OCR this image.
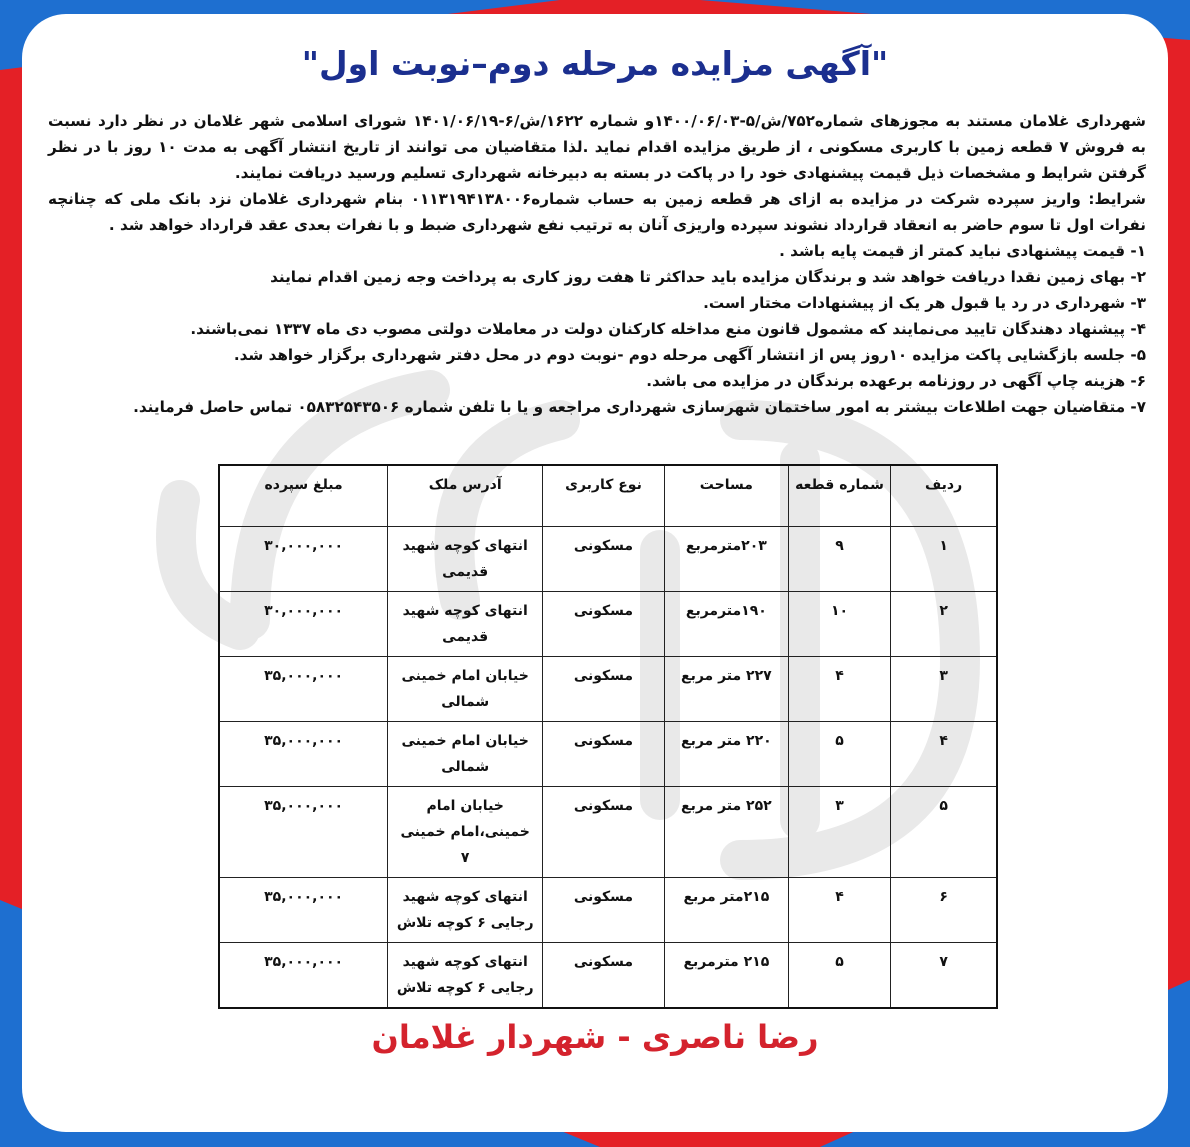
"آگهی مزایده مرحله دوم–نوبت اول"

شهرداری غلامان مستند به مجوزهای شماره۷۵۲/ش/۵-۱۴۰۰/۰۶/۰۳و شماره ۱۶۲۲/ش/۶-۱۴۰۱/۰۶/۱۹ شورای اسلامی شهر غلامان در نظر دارد نسبت به فروش ۷ قطعه زمین با کاربری مسکونی ، از طریق مزایده اقدام نماید .لذا متقاضیان می توانند از تاریخ انتشار آگهی به مدت ۱۰ روز با در نظر گرفتن شرایط و مشخصات ذیل قیمت پیشنهادی خود را در پاکت در بسته به دبیرخانه شهرداری تسلیم ورسید دریافت نمایند.

شرایط: واریز سپرده شرکت در مزایده به ازای هر قطعه زمین به حساب شماره۰۱۱۳۱۹۴۱۳۸۰۰۶ بنام شهرداری غلامان نزد بانک ملی که چنانچه نفرات اول تا سوم حاضر به انعقاد قرارداد نشوند سپرده واریزی آنان به ترتیب نفع شهرداری ضبط و با نفرات بعدی عقد قرارداد خواهد شد .

۱- قیمت پیشنهادی نباید کمتر از قیمت پایه باشد .
۲- بهای زمین نقدا دریافت خواهد شد و برندگان مزایده باید حداکثر تا هفت روز کاری به پرداخت وجه زمین اقدام نمایند
۳- شهرداری در رد یا قبول هر یک از پیشنهادات مختار است.
۴- پیشنهاد دهندگان تایید می‌نمایند که مشمول قانون منع مداخله کارکنان دولت در معاملات دولتی مصوب دی ماه ۱۳۳۷ نمی‌باشند.
۵- جلسه بازگشایی پاکت مزایده ۱۰روز پس از انتشار آگهی مرحله دوم -نوبت دوم در محل دفتر شهرداری برگزار خواهد شد.
۶- هزینه چاپ آگهی در روزنامه برعهده برندگان در مزایده می باشد.
۷- متقاضیان جهت اطلاعات بیشتر به امور ساختمان شهرسازی شهرداری مراجعه و یا با تلفن شماره ۰۵۸۳۲۵۴۳۵۰۶ تماس حاصل فرمایند.
ردیف	شماره قطعه	مساحت	نوع کاربری	آدرس ملک	مبلغ سپرده
۱	۹	۲۰۳مترمربع	مسکونی	انتهای کوچه شهید قدیمی	۳۰,۰۰۰,۰۰۰
۲	۱۰	۱۹۰مترمربع	مسکونی	انتهای کوچه شهید قدیمی	۳۰,۰۰۰,۰۰۰
۳	۴	۲۲۷ متر مربع	مسکونی	خیابان امام خمینی شمالی	۳۵,۰۰۰,۰۰۰
۴	۵	۲۲۰ متر مربع	مسکونی	خیابان امام خمینی شمالی	۳۵,۰۰۰,۰۰۰
۵	۳	۲۵۲ متر مربع	مسکونی	خیابان امام خمینی،امام خمینی ۷	۳۵,۰۰۰,۰۰۰
۶	۴	۲۱۵متر مربع	مسکونی	انتهای کوچه شهید رجایی ۶ کوچه تلاش	۳۵,۰۰۰,۰۰۰
۷	۵	۲۱۵ مترمربع	مسکونی	انتهای کوچه شهید رجایی ۶ کوچه تلاش	۳۵,۰۰۰,۰۰۰
رضا ناصری - شهردار غلامان
